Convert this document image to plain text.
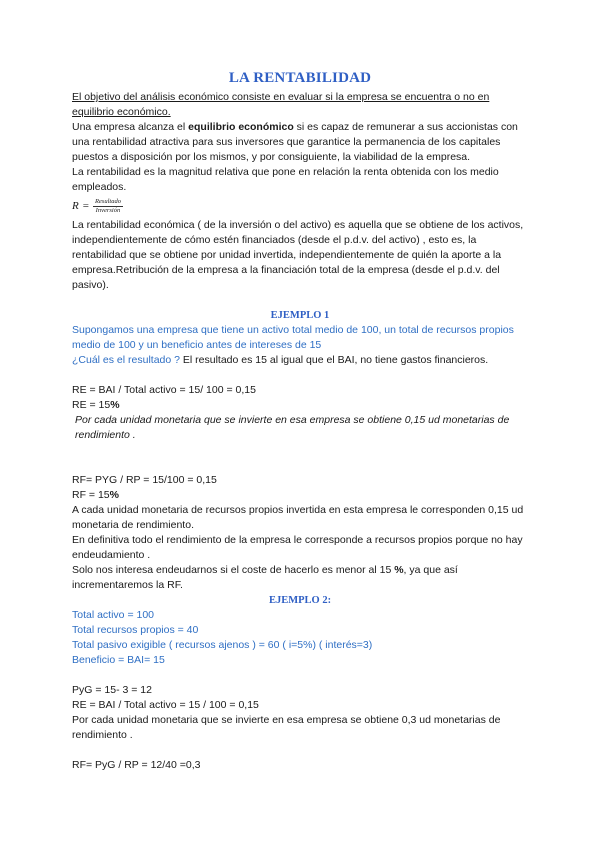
LA RENTABILIDAD

El objetivo del análisis económico consiste en evaluar si la empresa se encuentra o no en equilibrio económico.

Una empresa alcanza el equilibrio económico si es capaz de remunerar a sus accionistas con una rentabilidad atractiva para sus inversores que garantice la permanencia de los capitales puestos a disposición por los mismos, y por consiguiente, la viabilidad de la empresa.

La rentabilidad es la magnitud relativa que pone en relación la renta obtenida con los medio empleados.

$R = \frac{\text{Resultado}}{\text{Inversión}}$

La rentabilidad económica ( de la inversión o del activo) es aquella que se obtiene de los activos, independientemente de cómo estén financiados (desde el p.d.v. del activo) , esto es, la rentabilidad que se obtiene por unidad invertida, independientemente de quién la aporte a la empresa.Retribución de la empresa a la financiación total de la empresa (desde el p.d.v. del pasivo).

EJEMPLO 1

Supongamos una empresa que tiene un activo total medio de 100, un total de recursos propios medio de 100 y un beneficio antes de intereses de 15

¿Cuál es el resultado ? El resultado es 15 al igual que el BAI, no tiene gastos financieros.

RE = BAI / Total activo = 15/ 100 = 0,15

RE = 15%

Por cada unidad monetaria que se invierte en esa empresa se obtiene 0,15 ud monetarias de rendimiento .

RF= PYG / RP = 15/100 = 0,15

RF = 15%

A cada unidad monetaria de recursos propios invertida en esta empresa le corresponden 0,15 ud monetaria de rendimiento.

En definitiva todo el rendimiento de la empresa le corresponde a recursos propios porque no hay endeudamiento .

Solo nos interesa endeudarnos si el coste de hacerlo es menor al 15 %, ya que así incrementaremos la RF.

EJEMPLO 2:

Total activo = 100

Total recursos propios = 40

Total pasivo exigible ( recursos ajenos ) = 60 ( i=5%) ( interés=3)

Beneficio = BAI= 15

PyG = 15- 3 = 12

RE = BAI / Total activo = 15 / 100 = 0,15

Por cada unidad monetaria que se invierte en esa empresa se obtiene 0,3 ud monetarias de rendimiento .

RF= PyG / RP = 12/40 =0,3
